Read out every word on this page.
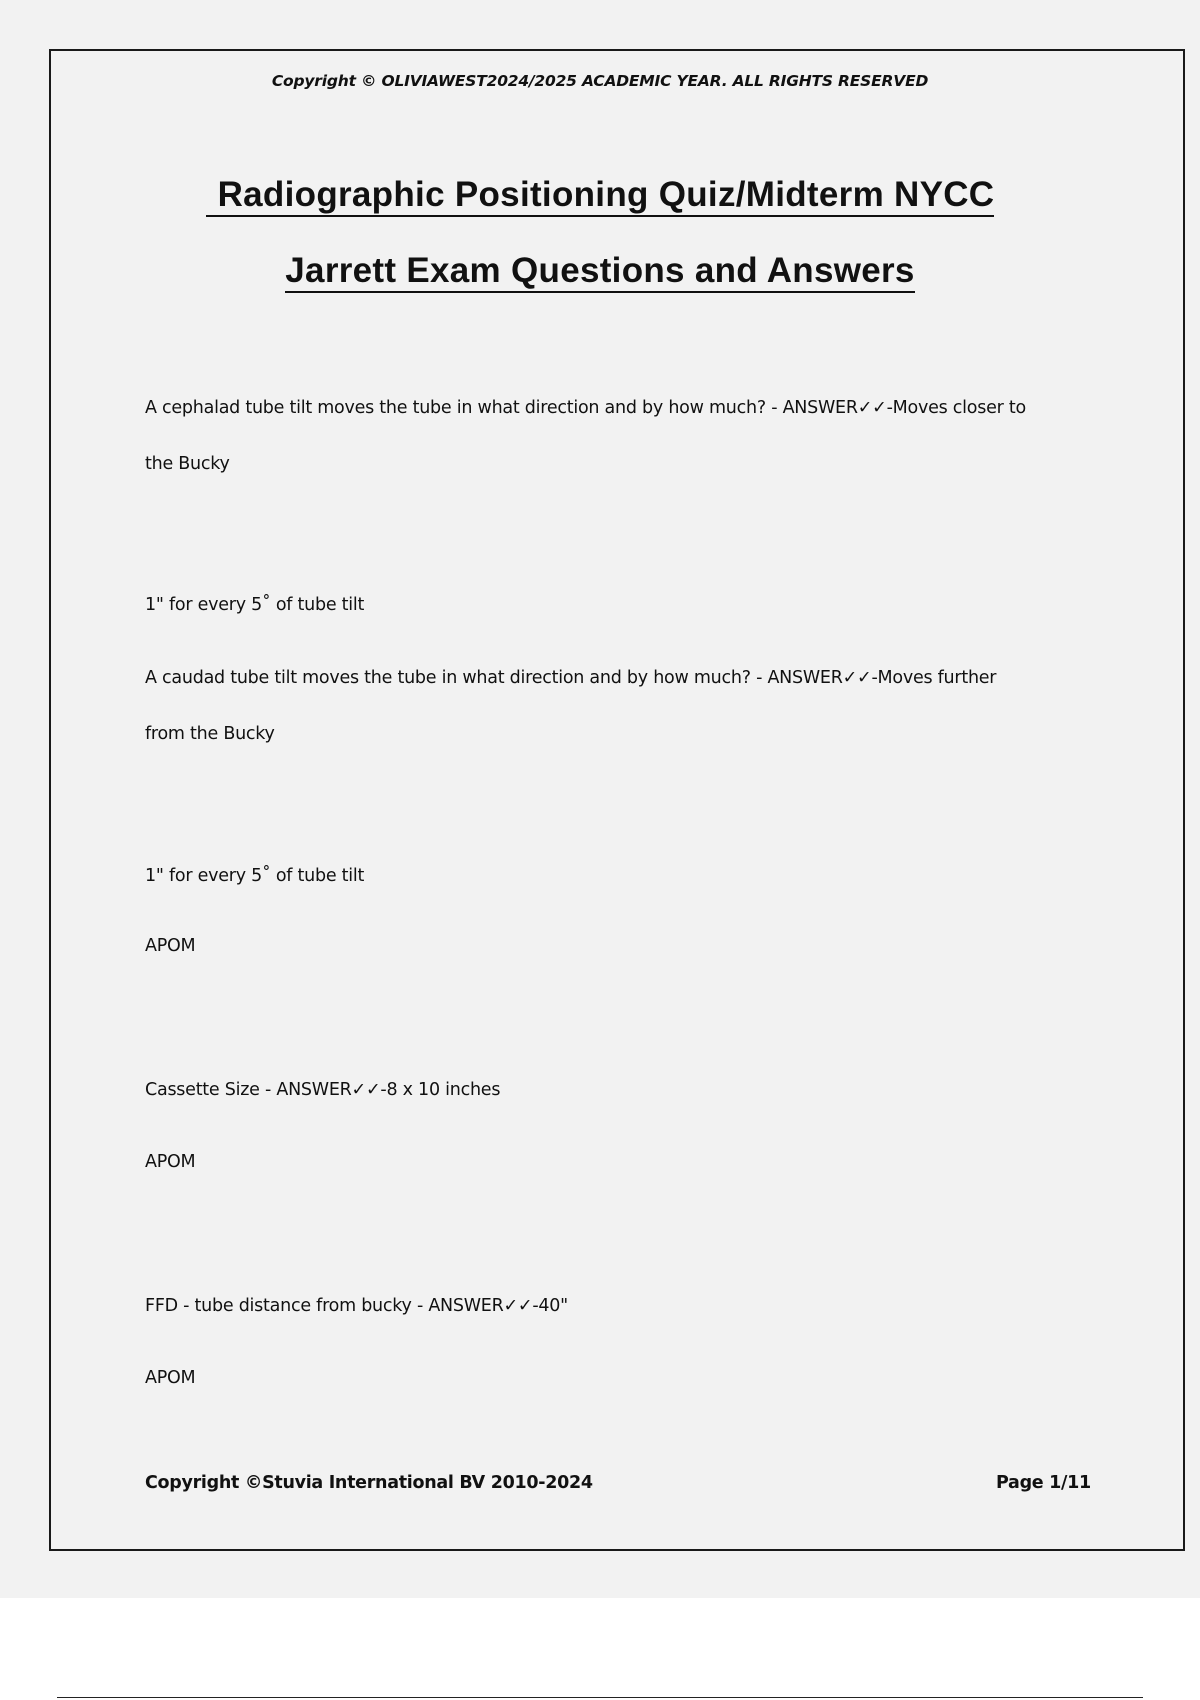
Copyright © OLIVIAWEST2024/2025 ACADEMIC YEAR. ALL RIGHTS RESERVED
Radiographic Positioning Quiz/Midterm NYCC
Jarrett Exam Questions and Answers
A cephalad tube tilt moves the tube in what direction and by how much? - ANSWER✓✓-Moves closer to
the Bucky
1" for every 5˚ of tube tilt
A caudad tube tilt moves the tube in what direction and by how much? - ANSWER✓✓-Moves further
from the Bucky
1" for every 5˚ of tube tilt
APOM
Cassette Size - ANSWER✓✓-8 x 10 inches
APOM
FFD - tube distance from bucky - ANSWER✓✓-40"
APOM
Copyright ©Stuvia International BV 2010-2024	Page 1/11
